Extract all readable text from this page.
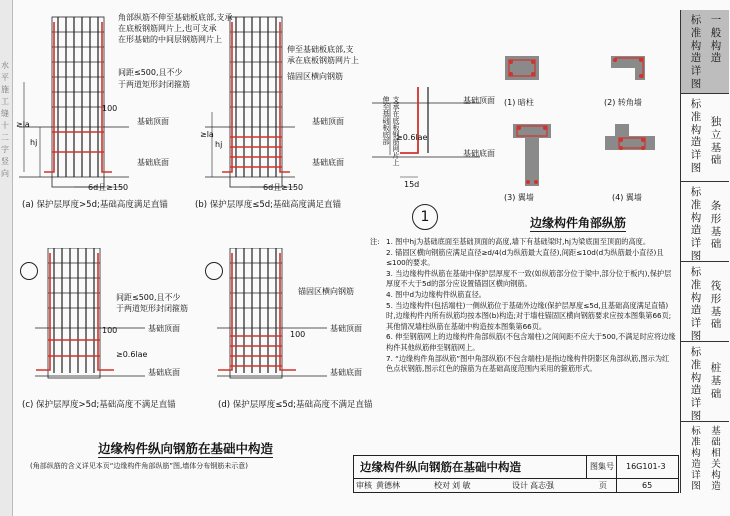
水平施工缝 十二字 竖向
角部纵筋不伸至基础板底部,支承
在底板钢筋网片上,也可支承
在形基础的中间层钢筋网片上
间距≤500,且不少
于两道矩形封闭箍筋
基础顶面
基础底面
≥la
hj
100
6d且≥150
(a) 保护层厚度>5d;基础高度满足直锚
伸至基础板底部,支
承在底板钢筋网片上
锚固区横向钢筋
基础顶面
基础底面
≥la
hj
6d且≥150
(b) 保护层厚度≤5d;基础高度满足直锚
间距≤500,且不少
于两道矩形封闭箍筋
基础顶面
基础底面
100
≥0.6lae
(c) 保护层厚度>5d;基础高度不满足直锚
锚固区横向钢筋
基础顶面
基础底面
100
(d) 保护层厚度≤5d;基础高度不满足直锚
伸至基础板底部 支承在底板钢筋网片上	基础顶面
基础底面
≥0.6lae
15d
1
(1) 暗柱	(2) 转角墙
(3) 翼墙	(4) 翼墙
边缘构件角部纵筋
注: 1. 图中hj为基础底面至基础顶面的高度,墙下有基础梁时,hj为梁底面至顶面的高度。
2. 锚固区横向钢筋应满足直径≥d/4(d为纵筋最大直径),间距≤10d(d为纵筋最小直径)且≤100的要求。
3. 当边缘构件纵筋在基础中保护层厚度不一致(如纵筋部分位于梁中,部分位于板内),保护层厚度不大于5d的部分应设置锚固区横向钢筋。
4. 图中d为边缘构件纵筋直径。
5. 当边缘构件(包括端柱)一侧纵筋位于基础外边缘(保护层厚度≤5d,且基础高度满足直锚)时,边缘构件内所有纵筋均按本图(b)构造;对于墙柱锚固区横向钢筋要求应按本图集第66页;其他情况墙柱纵筋在基础中构造按本图集第66页。
6. 伸至钢筋网上的边缘构件角部纵筋(不包含端柱)之间间距不应大于500,不满足时应将边缘构件其他纵筋伸至钢筋网上。
7. “边缘构件角部纵筋”图中角部纵筋(不包含端柱)是指边缘构件阴影区角部纵筋,图示为红色点状钢筋,图示红色的箍筋为在基础高度范围内采用的箍筋形式。
边缘构件纵向钢筋在基础中构造
(角部纵筋的含义详见本页“边缘构件角部纵筋”图,墙体分布钢筋未示意)	边缘构件纵向钢筋在基础中构造	图集号 16G101-3
审核 黄德林	校对 刘 敏	设计 高志强	页	65
标准构造详图
一般构造
标准构造详图
独立基础
标准构造详图
条形基础
标准构造详图
筏形基础
标准构造详图
桩基础
标准构造详图
基础相关构造
